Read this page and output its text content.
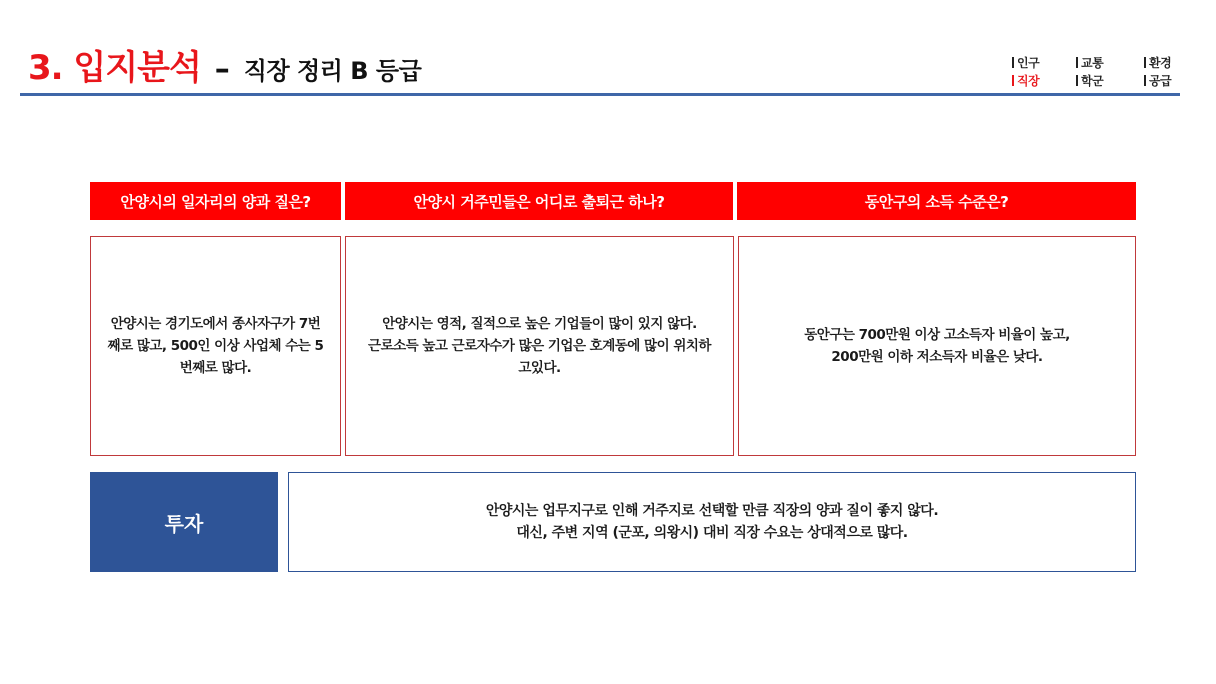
3. 입지분석 – 직장 정리 B 등급	인구	교통	환경
직장	학군	공급
안양시의 일자리의 양과 질은?	안양시 거주민들은 어디로 출퇴근 하나?	동안구의 소득 수준은?
안양시는 경기도에서 종사자구가 7번
째로 많고, 500인 이상 사업체 수는 5
번째로 많다.
안양시는 영적, 질적으로 높은 기업들이 많이 있지 않다.
근로소득 높고 근로자수가 많은 기업은 호계동에 많이 위치하
고있다.
동안구는 700만원 이상 고소득자 비율이 높고,
200만원 이하 저소득자 비율은 낮다.
투자
안양시는 업무지구로 인해 거주지로 선택할 만큼 직장의 양과 질이 좋지 않다.
대신, 주변 지역 (군포, 의왕시) 대비 직장 수요는 상대적으로 많다.
